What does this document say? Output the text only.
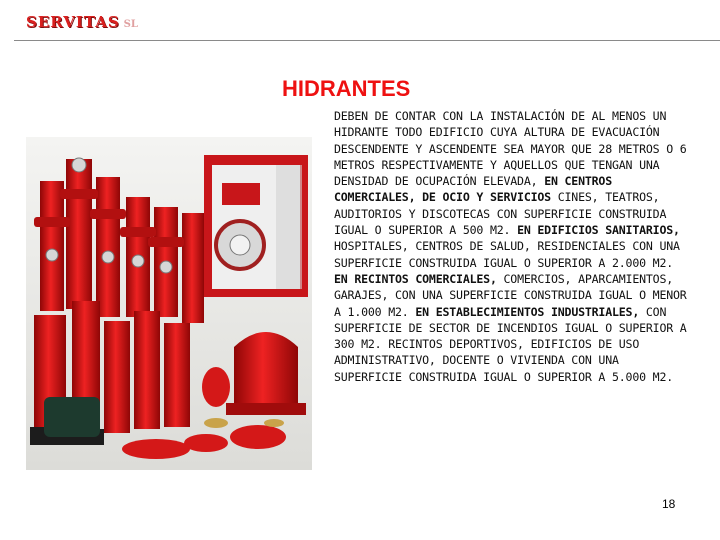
SERVITAS SL
HIDRANTES
DEBEN DE CONTAR CON LA INSTALACIÓN DE AL MENOS UN HIDRANTE TODO EDIFICIO CUYA ALTURA DE EVACUACIÓN DESCENDENTE Y ASCENDENTE SEA MAYOR QUE 28 METROS O 6 METROS RESPECTIVAMENTE Y AQUELLOS QUE TENGAN UNA DENSIDAD DE OCUPACIÓN ELEVADA, EN CENTROS COMERCIALES, DE OCIO Y SERVICIOS CINES, TEATROS, AUDITORIOS Y DISCOTECAS CON SUPERFICIE CONSTRUIDA IGUAL O SUPERIOR A 500 M2. EN EDIFICIOS SANITARIOS, HOSPITALES, CENTROS DE SALUD, RESIDENCIALES CON UNA SUPERFICIE CONSTRUIDA IGUAL O SUPERIOR A 2.000 M2. EN RECINTOS COMERCIALES, COMERCIOS, APARCAMIENTOS, GARAJES, CON UNA SUPERFICIE CONSTRUIDA IGUAL O MENOR A 1.000 M2. EN ESTABLECIMIENTOS INDUSTRIALES, CON SUPERFICIE DE SECTOR DE INCENDIOS IGUAL O SUPERIOR A 300 M2. RECINTOS DEPORTIVOS, EDIFICIOS DE USO ADMINISTRATIVO, DOCENTE O VIVIENDA CON UNA SUPERFICIE CONSTRUIDA IGUAL O SUPERIOR A 5.000 M2.
18
